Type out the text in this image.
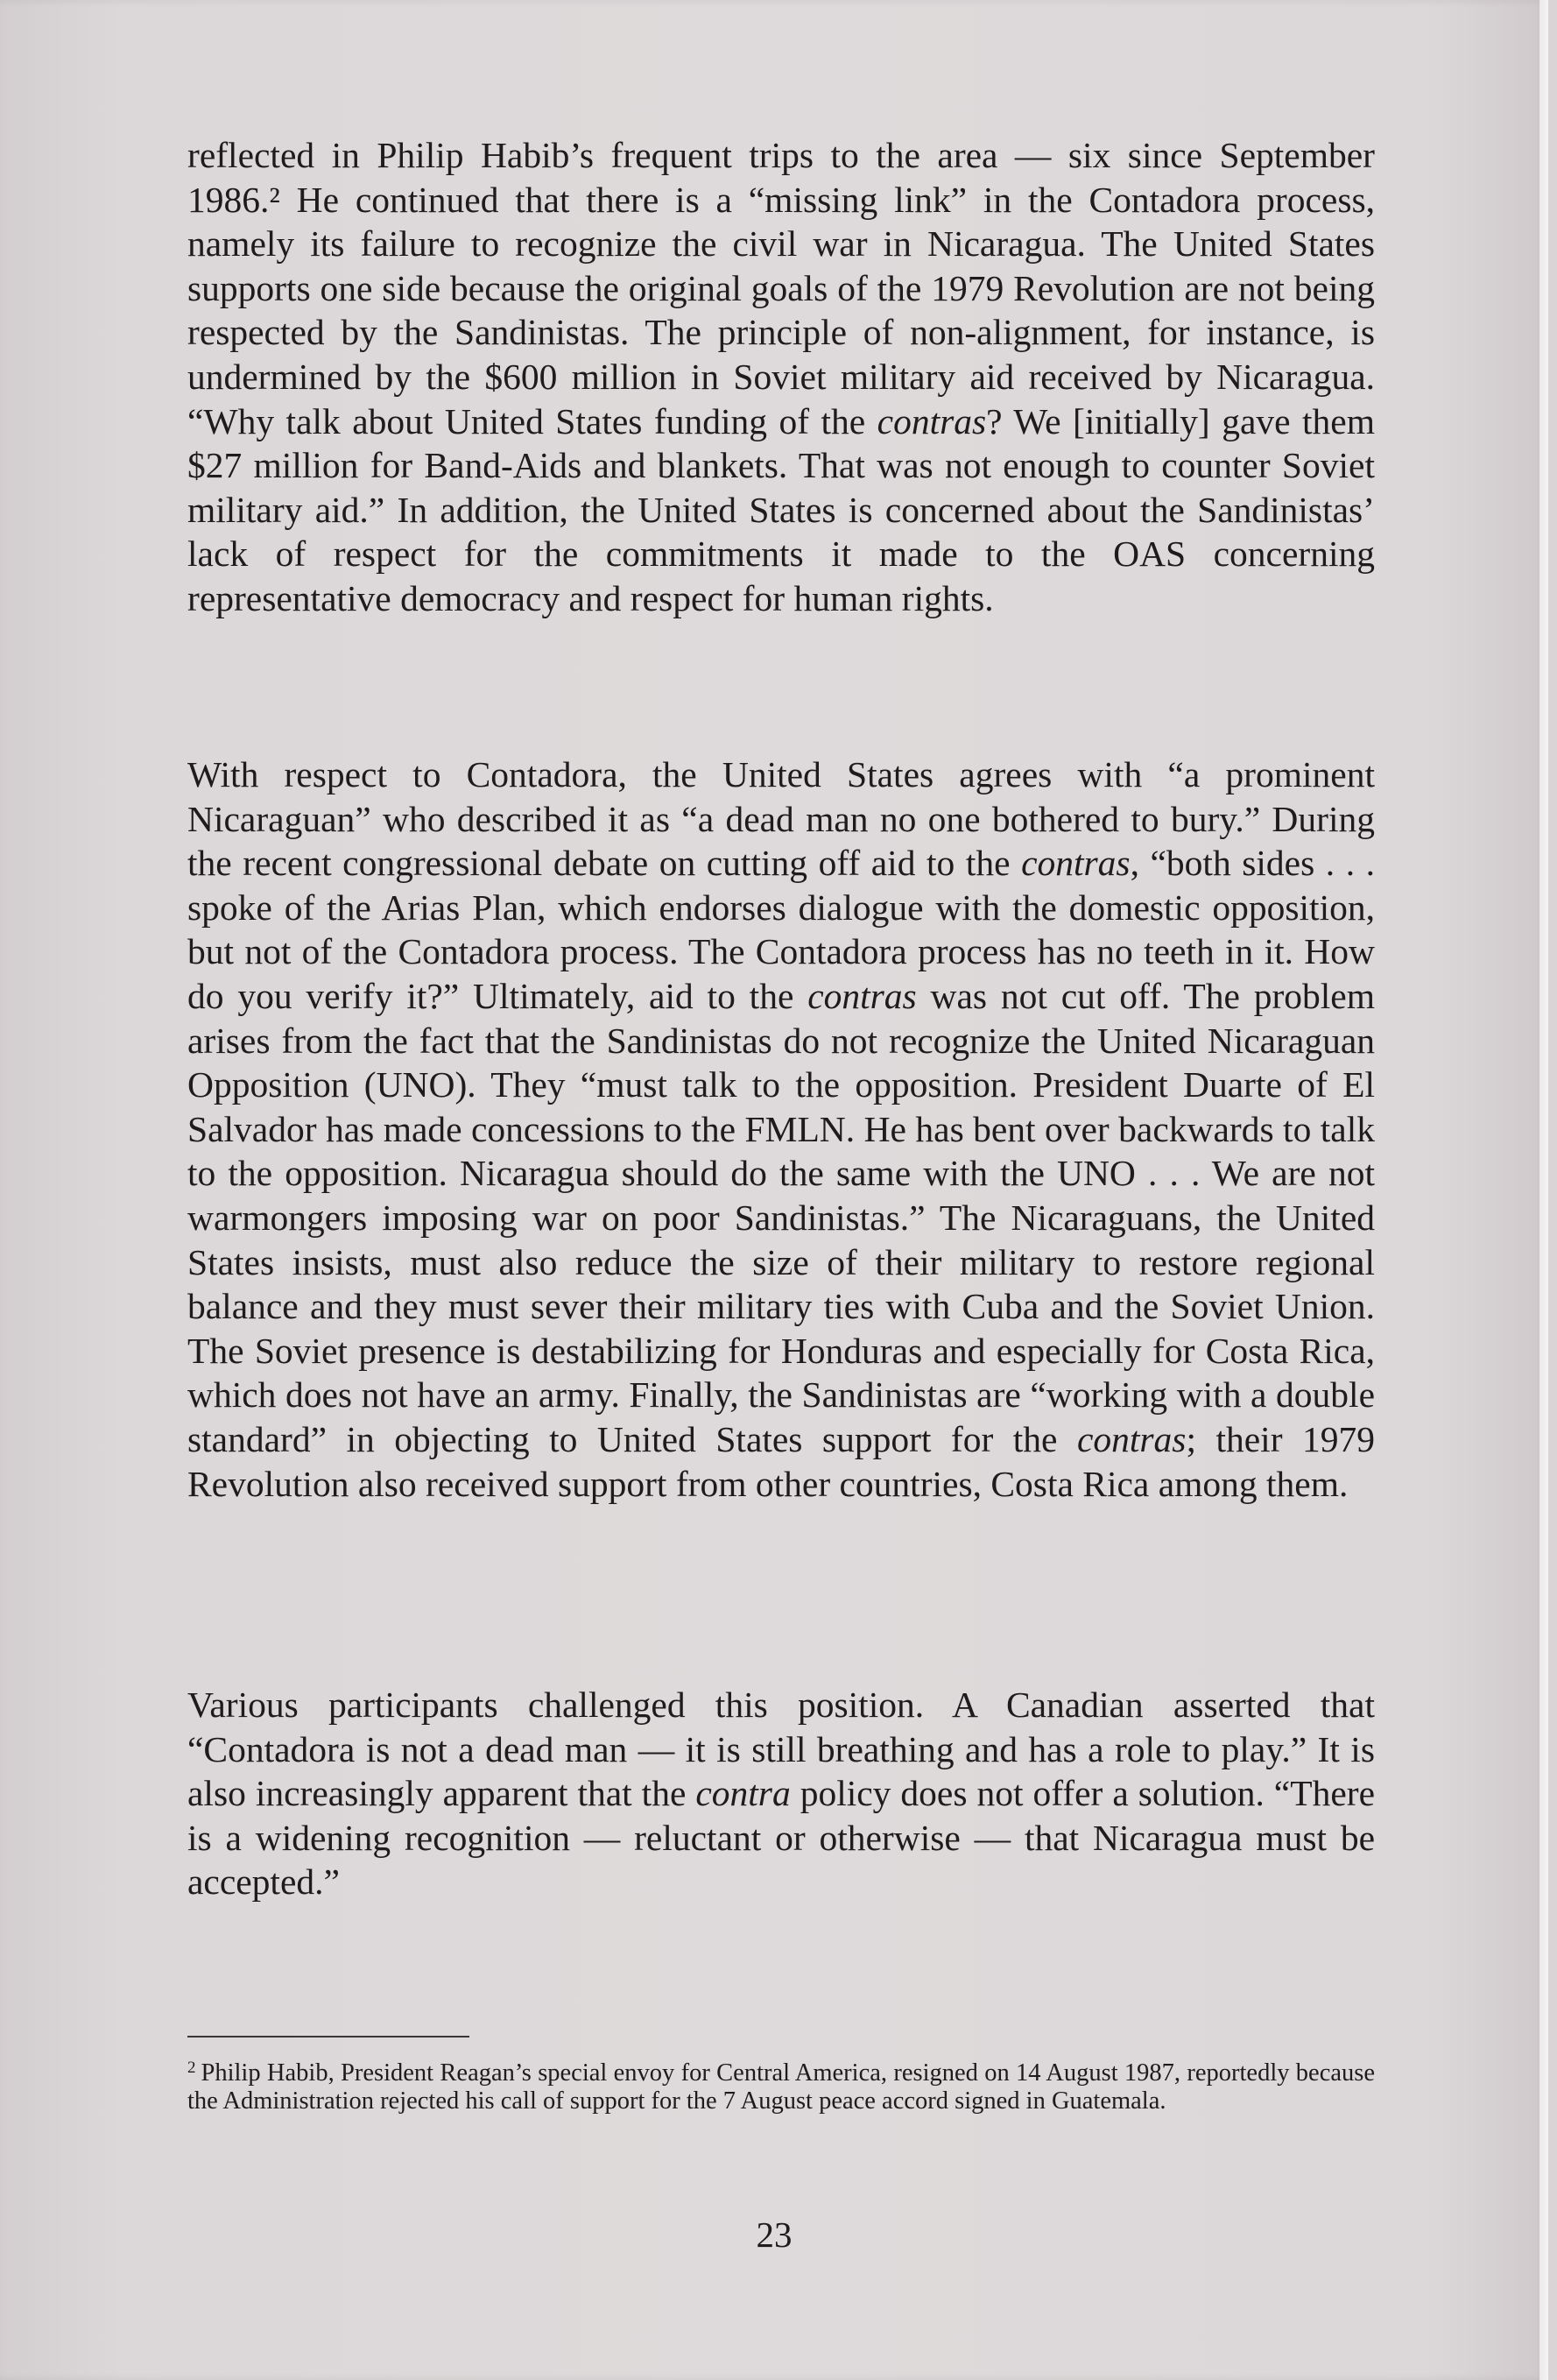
reflected in Philip Habib’s frequent trips to the area — six since September 1986.² He continued that there is a “missing link” in the Contadora process, namely its failure to recognize the civil war in Nicaragua. The United States supports one side because the original goals of the 1979 Revolution are not being respected by the Sandinistas. The principle of non-alignment, for instance, is undermined by the $600 million in Soviet military aid received by Nicaragua. “Why talk about United States funding of the contras? We [initially] gave them $27 million for Band-Aids and blankets. That was not enough to counter Soviet military aid.” In addition, the United States is concerned about the Sandinistas’ lack of respect for the commitments it made to the OAS concerning representative democracy and respect for human rights.

With respect to Contadora, the United States agrees with “a prominent Nicaraguan” who described it as “a dead man no one bothered to bury.” During the recent congressional debate on cutting off aid to the contras, “both sides . . . spoke of the Arias Plan, which endorses dialogue with the domestic opposition, but not of the Contadora process. The Contadora process has no teeth in it. How do you verify it?” Ultimately, aid to the contras was not cut off. The problem arises from the fact that the Sandinistas do not recognize the United Nicaraguan Opposition (UNO). They “must talk to the opposition. President Duarte of El Salvador has made concessions to the FMLN. He has bent over backwards to talk to the opposition. Nicaragua should do the same with the UNO . . . We are not warmongers imposing war on poor Sandinistas.” The Nicaraguans, the United States insists, must also reduce the size of their military to restore regional balance and they must sever their military ties with Cuba and the Soviet Union. The Soviet presence is destabilizing for Honduras and especially for Costa Rica, which does not have an army. Finally, the Sandinistas are “working with a double standard” in objecting to United States support for the contras; their 1979 Revolution also received support from other countries, Costa Rica among them.

Various participants challenged this position. A Canadian asserted that “Contadora is not a dead man — it is still breathing and has a role to play.” It is also increasingly apparent that the contra policy does not offer a solution. “There is a widening recognition — reluctant or otherwise — that Nicaragua must be accepted.”

$^2$ Philip Habib, President Reagan’s special envoy for Central America, resigned on 14 August 1987, reportedly because the Administration rejected his call of support for the 7 August peace accord signed in Guatemala.

23
